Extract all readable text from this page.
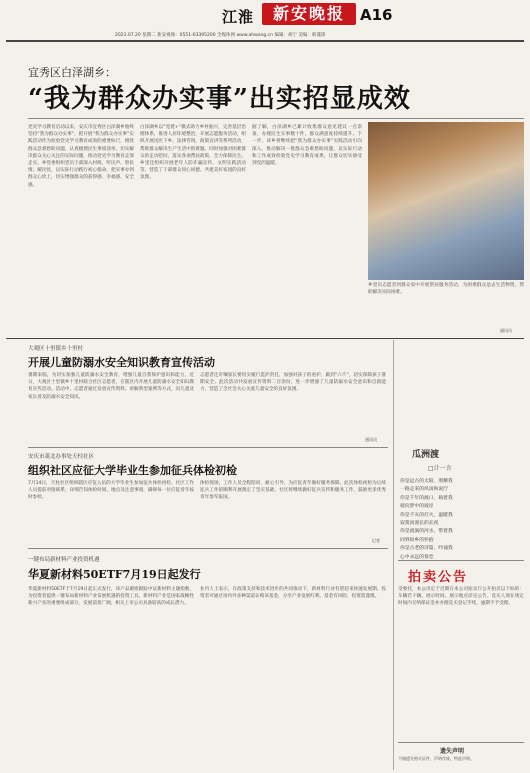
江淮	新安晚报	A16
2021.07.20 星期二 新安视频：0551-63395200 全媒体网 www.ahwang.cn 编辑：胡宁 美编：韩谨锋
宜秀区白泽湖乡：
“我为群众办实事”出实招显成效
党史学习教育启动以来，安庆市宜秀区白泽湖乡始终坚持“我为群众办实事”，把开展“我为群众办实事”实践活动作为检验党史学习教育成效的重要标尺，围绕群众急难愁盼问题，认真梳理民生事项清单，切实解决群众关心关注的实际问题，推动党史学习教育走深走实。乡党委组织党员干部深入村组，听民声、察民情、解民忧，以实际行动践行初心使命，把实事办到群众心坎上，切实增强群众的获得感、幸福感、安全感。
白泽湖乡以“党建+”模式助力乡村振兴，完善基层治理体系，推进人居环境整治，开展志愿服务活动，组织开展送医下乡、法律咨询、政策宣讲等系列活动，帮助群众解决生产生活中的难题。同时加强对困难群众的走访慰问，落实各项帮扶政策，全力保障民生。乡里还组织开展老年人防诈骗宣传、文明实践活动等，营造了干部群众同心同德、共建美好家园的良好氛围。
据了解，白泽湖乡已累计收集群众意见建议一百余条，办理民生实事数十件，群众满意度持续提升。下一步，该乡将继续把“我为群众办实事”实践活动引向深入，推动解决一批群众急难愁盼问题，以实际行动和工作成效检验党史学习教育成果，让群众切实感受到党的温暖。
乡党员志愿者到群众家中开展帮扶服务活动，为困难群众送去生活物资，帮助解决实际困难。
通讯员
大观区十里镇乡十里村
开展儿童防溺水安全知识教育宣传活动
暑期来临，为切实加强儿童防溺水安全教育，增强儿童自我保护意识和能力，近日，大观区十里镇乡十里村联合社区志愿者，在辖区内开展儿童防溺水安全知识教育宣传活动。活动中，志愿者通过发放宣传资料、讲解典型案例等方式，向儿童及家长普及防溺水安全知识。
志愿者还叮嘱家长要切实履行监护责任，加强对孩子的看护，做到“六不”，切实保障孩子暑期安全。此次活动共发放宣传资料二百余份，进一步增强了儿童防溺水安全意识和自救能力，营造了全社会关心关爱儿童安全的良好氛围。
通讯员
安庆市菱北办事处天柱社区
组织社区应征大学毕业生参加征兵体检初检
7月14日，天柱社区组织辖区应征入伍的大学毕业生参加征兵体检初检。社区工作人员提前对接联系，详细告知体检时间、地点及注意事项，确保每一位应征青年按时参检。
体检现场，工作人员全程陪同，耐心引导，为应征青年做好服务保障。此次体检初检为后续征兵工作的顺利开展奠定了坚实基础，社区将继续做好征兵宣传和服务工作，鼓励更多优秀青年参军报国。
记者
一键布局新材料产业投资机遇
华夏新材料50ETF7月19日起发行
华夏新材料50ETF于7月19日起正式发行，该产品紧密跟踪中证新材料主题指数，为投资者提供一键布局新材料产业发展机遇的投资工具。新材料产业是国家战略性新兴产业的重要组成部分，发展前景广阔，相关上市公司具备较高的成长潜力。
业内人士表示，在政策支持和技术进步的共同推动下，新材料行业有望迎来快速发展期。投资者可通过场内外多种渠道认购该基金，分享产业发展红利。基金有风险，投资需谨慎。
瓜洲渡
□计一言
你是远古的太阳，照耀我
一路走来的风雨和泥泞
你是千年的渡口，载着我
驶向梦中的彼岸
你是不灭的灯火，温暖我
寂寞而漫长的长夜
你是流淌的河水，带着我
回到故乡的怀抱
你是古老的诗篇，吟诵我
心中永远的眷恋
拍卖公告
受委托，本公司定于近期在本公司拍卖厅公开拍卖以下标的：车辆若干辆。展示时间、展示地点详见公告。竞买人须在规定时间内交纳保证金并办理竞买登记手续，逾期不予受理。
遗失声明
不慎遗失相关证件，声明作废。特此声明。
